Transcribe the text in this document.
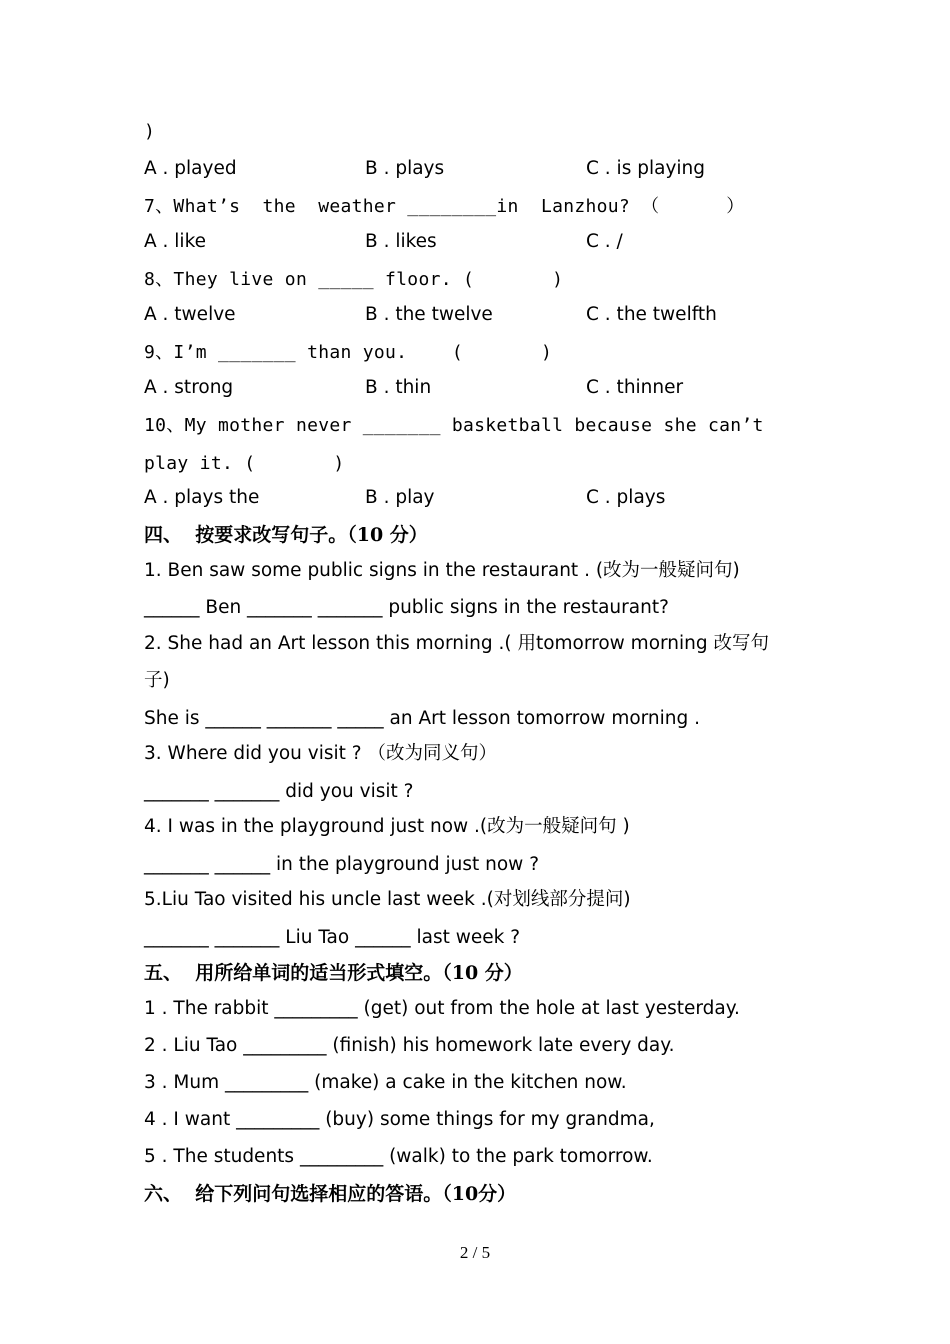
)
A . played	B . plays	C . is playing
7、What’s  the  weather ________in  Lanzhou? （      ）
A . like	B . likes	C . /
8、They live on _____ floor. (       )
A . twelve	B . the twelve	C . the twelfth
9、I’m _______ than you.    (       )
A . strong	B . thin	C . thinner
10、My mother never _______ basketball because she can’t
play it. (       )
A . plays the	B . play	C . plays
四、  按要求改写句子。（10 分）
1. Ben saw some public signs in the restaurant . (改为一般疑问句)
______ Ben _______ _______ public signs in the restaurant?
2. She had an Art lesson this morning .( 用tomorrow morning 改写句
子)
She is ______ _______ _____ an Art lesson tomorrow morning .
3. Where did you visit ? （改为同义句）
_______ _______ did you visit ?
4. I was in the playground just now .(改为一般疑问句 )
_______ ______ in the playground just now ?
5.Liu Tao visited his uncle last week .(对划线部分提问)
_______ _______ Liu Tao ______ last week ?
五、  用所给单词的适当形式填空。（10 分）
1 . The rabbit _________ (get) out from the hole at last yesterday.
2 . Liu Tao _________ (finish) his homework late every day.
3 . Mum _________ (make) a cake in the kitchen now.
4 . I want _________ (buy) some things for my grandma,
5 . The students _________ (walk) to the park tomorrow.
六、  给下列问句选择相应的答语。（10分）
2 / 5
